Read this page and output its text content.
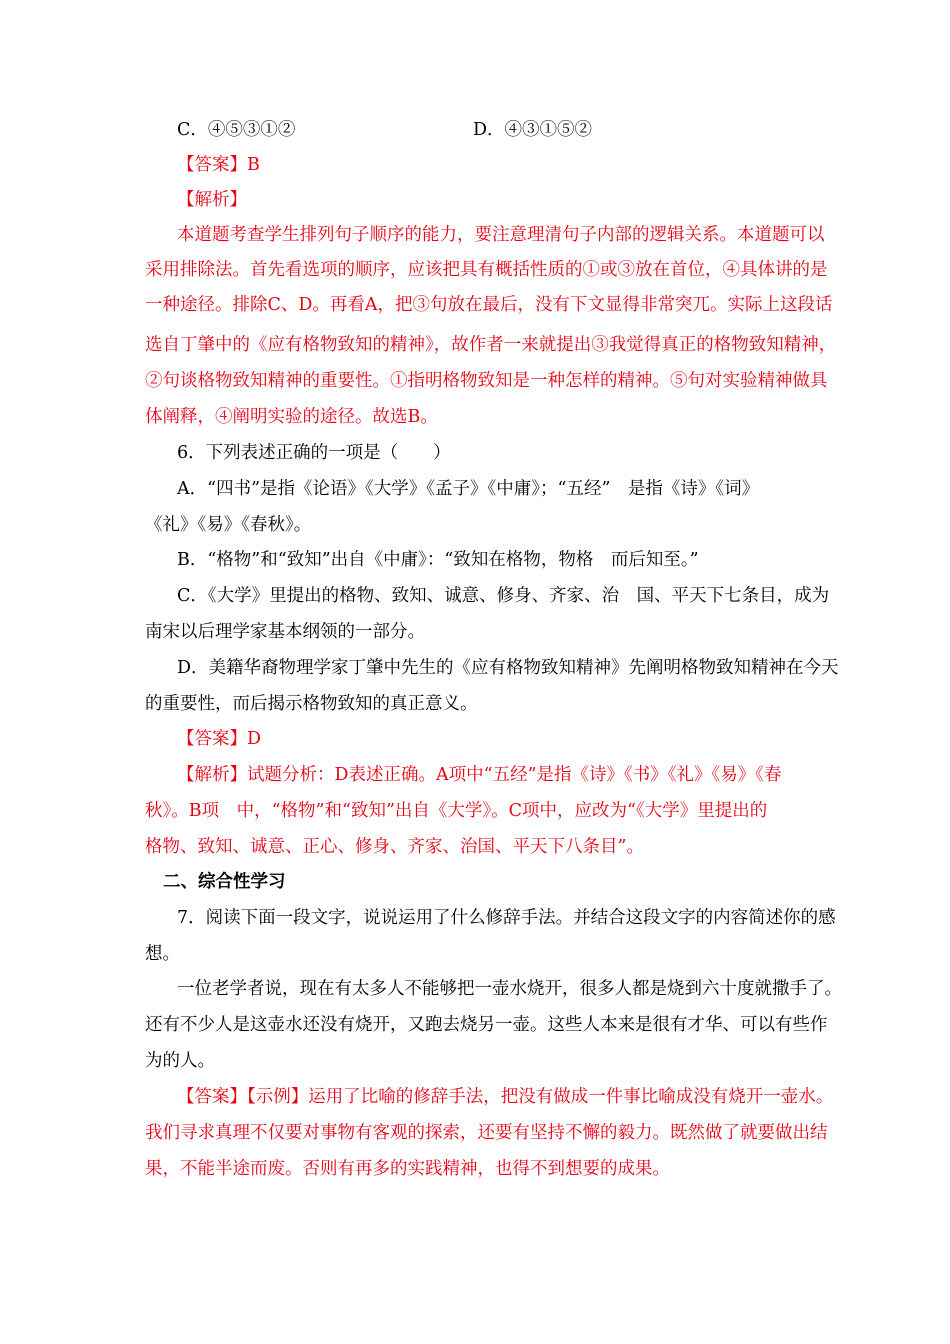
C．④⑤③①②	D．④③①⑤②
【答案】B
【解析】
本道题考查学生排列句子顺序的能力，要注意理清句子内部的逻辑关系。本道题可以
采用排除法。首先看选项的顺序，应该把具有概括性质的①或③放在首位，④具体讲的是
一种途径。排除C、D。再看A，把③句放在最后，没有下文显得非常突兀。实际上这段话
选自丁肇中的《应有格物致知的精神》，故作者一来就提出③我觉得真正的格物致知精神，
②句谈格物致知精神的重要性。①指明格物致知是一种怎样的精神。⑤句对实验精神做具
体阐释，④阐明实验的途径。故选B。
6．下列表述正确的一项是（　　）
A．“四书”是指《论语》《大学》《孟子》《中庸》；“五经”　是指《诗》《词》
《礼》《易》《春秋》。
B．“格物”和“致知”出自《中庸》：“致知在格物，物格　而后知至。”
C．《大学》里提出的格物、致知、诚意、修身、齐家、治　国、平天下七条目，成为
南宋以后理学家基本纲领的一部分。
D．美籍华裔物理学家丁肇中先生的《应有格物致知精神》先阐明格物致知精神在今天
的重要性，而后揭示格物致知的真正意义。
【答案】D
【解析】试题分析：D表述正确。A项中“五经”是指《诗》《书》《礼》《易》《春
秋》。B项　中，“格物”和“致知”出自《大学》。C项中，应改为“《大学》里提出的
格物、致知、诚意、正心、修身、齐家、治国、平天下八条目”。
二、综合性学习
7．阅读下面一段文字，说说运用了什么修辞手法。并结合这段文字的内容简述你的感
想。
一位老学者说，现在有太多人不能够把一壶水烧开，很多人都是烧到六十度就撒手了。
还有不少人是这壶水还没有烧开，又跑去烧另一壶。这些人本来是很有才华、可以有些作
为的人。
【答案】【示例】运用了比喻的修辞手法，把没有做成一件事比喻成没有烧开一壶水。
我们寻求真理不仅要对事物有客观的探索，还要有坚持不懈的毅力。既然做了就要做出结
果，不能半途而废。否则有再多的实践精神，也得不到想要的成果。
